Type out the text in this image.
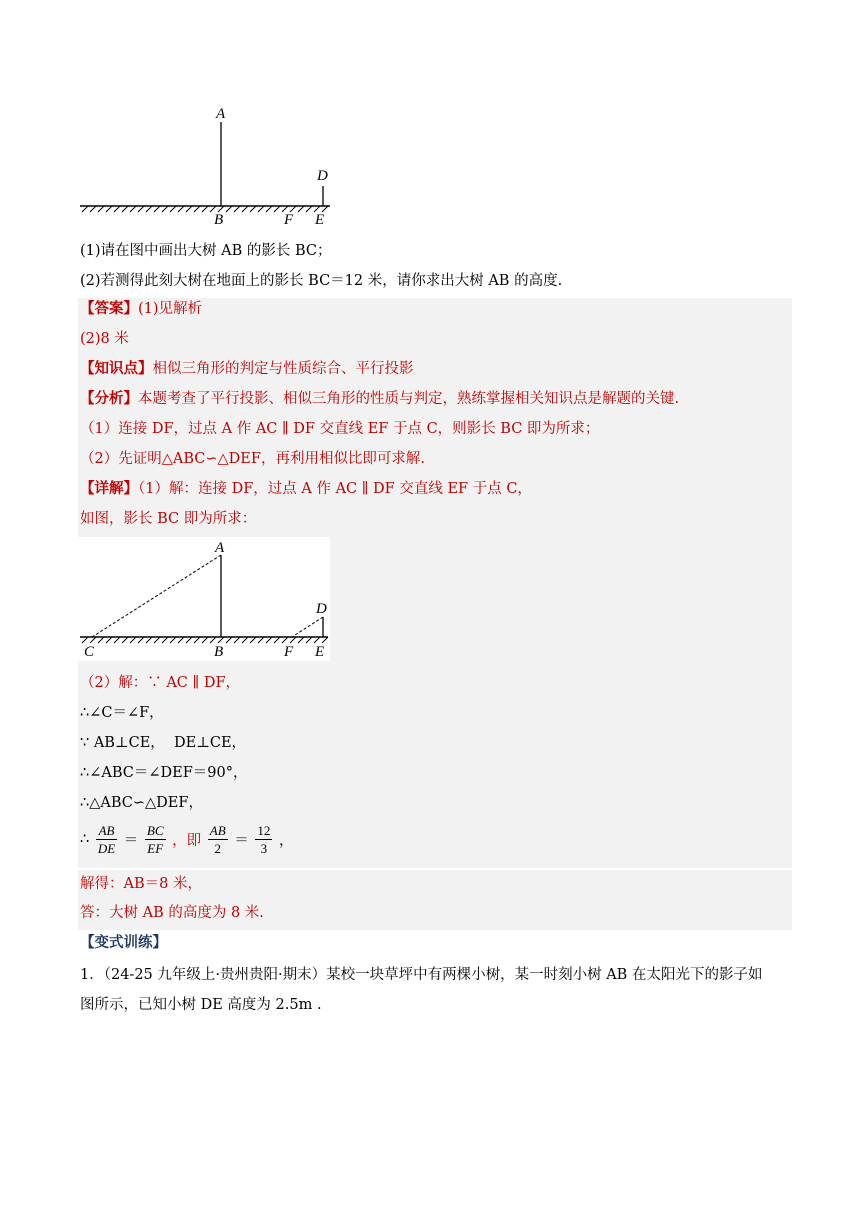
A
D
B	F E
(1)请在图中画出大树 AB 的影长 BC；
(2)若测得此刻大树在地面上的影长 BC＝12 米，请你求出大树 AB 的高度.
【答案】(1)见解析
(2)8 米
【知识点】相似三角形的判定与性质综合、平行投影
【分析】本题考查了平行投影、相似三角形的性质与判定，熟练掌握相关知识点是解题的关键.
（1）连接 DF，过点 A 作 AC ∥ DF 交直线 EF 于点 C，则影长 BC 即为所求；
（2）先证明△ABC∽△DEF，再利用相似比即可求解.
【详解】（1）解：连接 DF，过点 A 作 AC ∥ DF 交直线 EF 于点 C，
如图，影长 BC 即为所求：
A
D
C	B	F E
（2）解：∵ AC ∥ DF，
∴∠C＝∠F，
∵ AB⊥CE， DE⊥CE，
∴∠ABC＝∠DEF＝90°，
∴△ABC∽△DEF，
∴ $\frac{AB}{DE} = \frac{BC}{EF}$ ，即 $\frac{AB}{2} = \frac{12}{3}$ ，
解得：AB＝8 米，
答：大树 AB 的高度为 8 米.
【变式训练】
1．（24-25 九年级上·贵州贵阳·期末）某校一块草坪中有两棵小树，某一时刻小树 AB 在太阳光下的影子如
图所示，已知小树 DE 高度为 2.5m .
